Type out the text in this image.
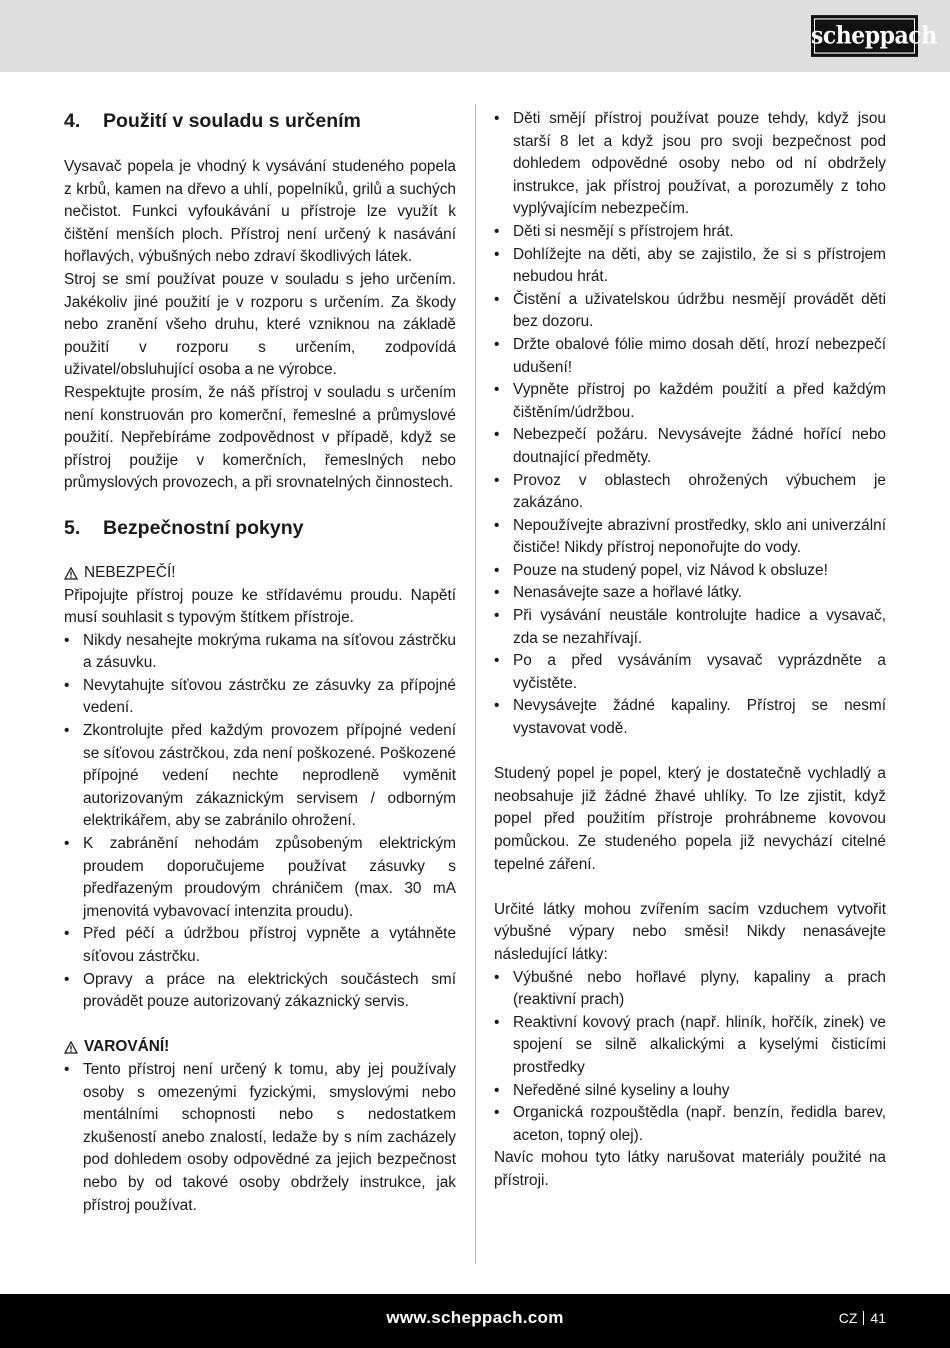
scheppach
4.	Použití v souladu s určením

Vysavač popela je vhodný k vysávání studeného popela z krbů, kamen na dřevo a uhlí, popelníků, grilů a suchých nečistot. Funkci vyfoukávání u přístroje lze využít k čištění menších ploch. Přístroj není určený k nasávání hořlavých, výbušných nebo zdraví škodlivých látek.

Stroj se smí používat pouze v souladu s jeho určením. Jakékoliv jiné použití je v rozporu s určením. Za škody nebo zranění všeho druhu, které vzniknou na základě použití v rozporu s určením, zodpovídá uživatel/obsluhující osoba a ne výrobce.

Respektujte prosím, že náš přístroj v souladu s určením není konstruován pro komerční, řemeslné a průmyslové použití. Nepřebíráme zodpovědnost v případě, když se přístroj použije v komerčních, řemeslných nebo průmyslových provozech, a při srovnatelných činnostech.

5.	Bezpečnostní pokyny
NEBEZPEČÍ!

Připojujte přístroj pouze ke střídavému proudu. Napětí musí souhlasit s typovým štítkem přístroje.

• Nikdy nesahejte mokrýma rukama na síťovou zástrčku a zásuvku.
• Nevytahujte síťovou zástrčku ze zásuvky za přípojné vedení.
• Zkontrolujte před každým provozem přípojné vedení se síťovou zástrčkou, zda není poškozené. Poškozené přípojné vedení nechte neprodleně vyměnit autorizovaným zákaznickým servisem / odborným elektrikářem, aby se zabránilo ohrožení.
• K zabránění nehodám způsobeným elektrickým proudem doporučujeme používat zásuvky s předřazeným proudovým chráničem (max. 30 mA jmenovitá vybavovací intenzita proudu).
• Před péčí a údržbou přístroj vypněte a vytáhněte síťovou zástrčku.
• Opravy a práce na elektrických součástech smí provádět pouze autorizovaný zákaznický servis.
VAROVÁNÍ!
• Tento přístroj není určený k tomu, aby jej používaly osoby s omezenými fyzickými, smyslovými nebo mentálními schopnosti nebo s nedostatkem zkušeností anebo znalostí, ledaže by s ním zacházely pod dohledem osoby odpovědné za jejich bezpečnost nebo by od takové osoby obdržely instrukce, jak přístroj používat.
• Děti smějí přístroj používat pouze tehdy, když jsou starší 8 let a když jsou pro svoji bezpečnost pod dohledem odpovědné osoby nebo od ní obdržely instrukce, jak přístroj používat, a porozuměly z toho vyplývajícím nebezpečím.
• Děti si nesmějí s přístrojem hrát.
• Dohlížejte na děti, aby se zajistilo, že si s přístrojem nebudou hrát.
• Čistění a uživatelskou údržbu nesmějí provádět děti bez dozoru.
• Držte obalové fólie mimo dosah dětí, hrozí nebezpečí udušení!
• Vypněte přístroj po každém použití a před každým čištěním/údržbou.
• Nebezpečí požáru. Nevysávejte žádné hořící nebo doutnající předměty.
• Provoz v oblastech ohrožených výbuchem je zakázáno.
• Nepoužívejte abrazivní prostředky, sklo ani univerzální čističe! Nikdy přístroj neponořujte do vody.
• Pouze na studený popel, viz Návod k obsluze!
• Nenasávejte saze a hořlavé látky.
• Při vysávání neustále kontrolujte hadice a vysavač, zda se nezahřívají.
• Po a před vysáváním vysavač vyprázdněte a vyčistěte.
• Nevysávejte žádné kapaliny. Přístroj se nesmí vystavovat vodě.

Studený popel je popel, který je dostatečně vychladlý a neobsahuje již žádné žhavé uhlíky. To lze zjistit, když popel před použitím přístroje prohrábneme kovovou pomůckou. Ze studeného popela již nevychází citelné tepelné záření.

Určité látky mohou zvířením sacím vzduchem vytvořit výbušné výpary nebo směsi! Nikdy nenasávejte následující látky:

• Výbušné nebo hořlavé plyny, kapaliny a prach (reaktivní prach)
• Reaktivní kovový prach (např. hliník, hořčík, zinek) ve spojení se silně alkalickými a kyselými čisticími prostředky
• Neředěné silné kyseliny a louhy
• Organická rozpouštědla (např. benzín, ředidla barev, aceton, topný olej).

Navíc mohou tyto látky narušovat materiály použité na přístroji.

www.scheppach.com	CZ 41
